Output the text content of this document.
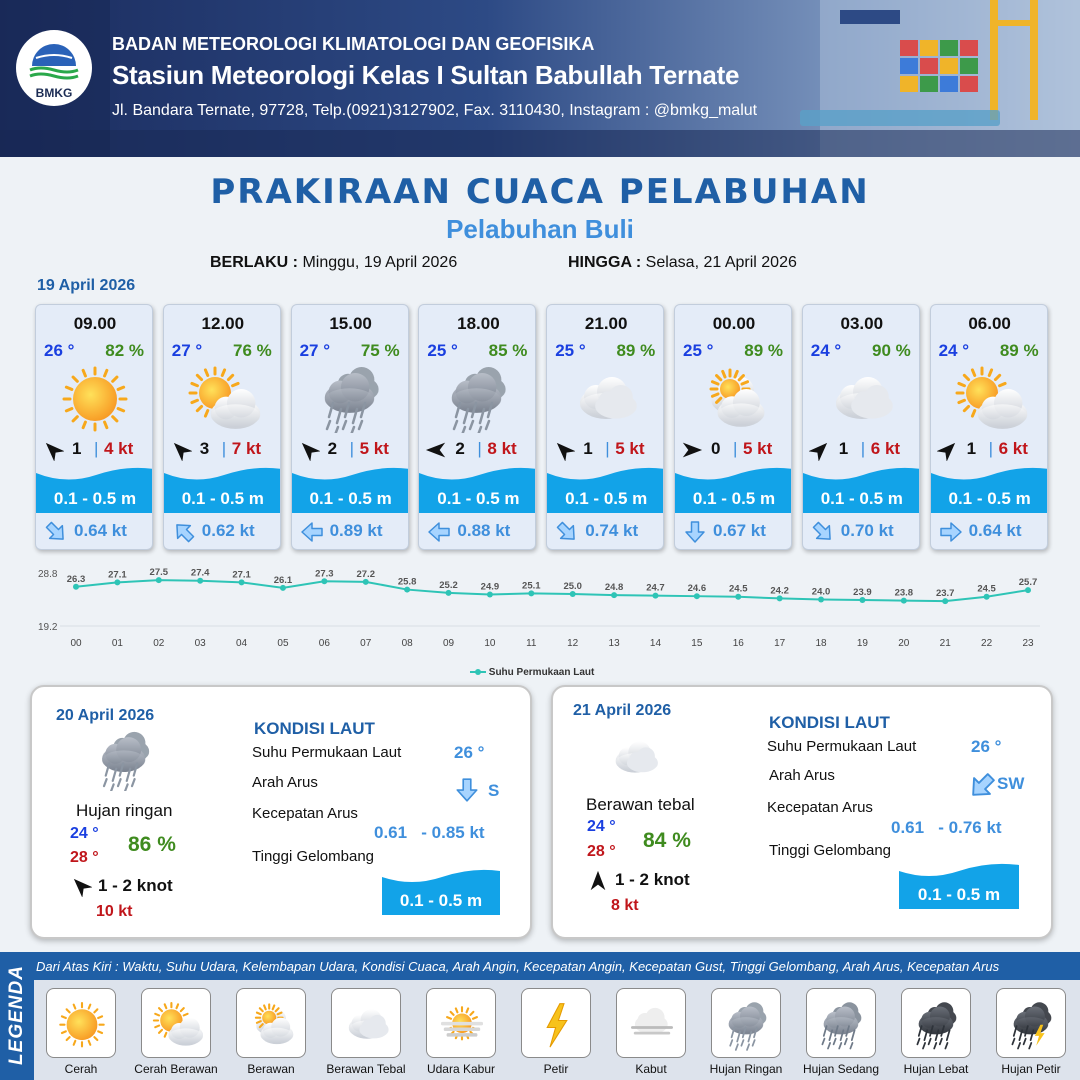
BMKG
BADAN METEOROLOGI KLIMATOLOGI DAN GEOFISIKA
Stasiun Meteorologi Kelas I Sultan Babullah Ternate
Jl. Bandara Ternate, 97728, Telp.(0921)3127902, Fax. 3110430, Instagram : @bmkg_malut
PRAKIRAAN CUACA PELABUHAN
Pelabuhan Buli
BERLAKU : Minggu, 19 April 2026	HINGGA : Selasa, 21 April 2026
19 April 2026
09.00
26 ° 82 %
1 | 4 kt
0.1 - 0.5 m
0.64 kt
12.00
27 ° 76 %
3 | 7 kt
0.1 - 0.5 m
0.62 kt
15.00
27 ° 75 %
2 | 5 kt
0.1 - 0.5 m
0.89 kt
18.00
25 ° 85 %
2 | 8 kt
0.1 - 0.5 m
0.88 kt
21.00
25 ° 89 %
1 | 5 kt
0.1 - 0.5 m
0.74 kt
00.00
25 ° 89 %
0 | 5 kt
0.1 - 0.5 m
0.67 kt
03.00
24 ° 90 %
1 | 6 kt
0.1 - 0.5 m
0.70 kt
06.00
24 ° 89 %
1 | 6 kt
0.1 - 0.5 m
0.64 kt
28.8
19.2
26.3
00
27.1
01
27.5
02
27.4
03
27.1
04
26.1
05
27.3
06
27.2
07
25.8
08
25.2
09
24.9
10
25.1
11
25.0
12
24.8
13
24.7
14
24.6
15
24.5
16
24.2
17
24.0
18
23.9
19
23.8
20
23.7
21
24.5
22
25.7
23
Suhu Permukaan Laut
20 April 2026
Hujan ringan
24 °
28 °
86 %
1 - 2 knot
10 kt
KONDISI LAUT
Suhu Permukaan Laut	26 °
Arah Arus	S
Kecepatan Arus
0.61   - 0.85 kt
Tinggi Gelombang
0.1 - 0.5 m
21 April 2026
Berawan tebal
24 °
28 ° 84 %
1 - 2 knot
8 kt
KONDISI LAUT
Suhu Permukaan Laut	26 °
Arah Arus	SW
Kecepatan Arus
0.61   - 0.76 kt
Tinggi Gelombang
0.1 - 0.5 m
LEGENDA Dari Atas Kiri : Waktu, Suhu Udara, Kelembapan Udara, Kondisi Cuaca, Arah Angin, Kecepatan Angin, Kecepatan Gust, Tinggi Gelombang, Arah Arus, Kecepatan Arus
Cerah	Cerah Berawan	Berawan	Berawan Tebal	Udara Kabur	Petir	Kabut	Hujan Ringan	Hujan Sedang	Hujan Lebat	Hujan Petir
